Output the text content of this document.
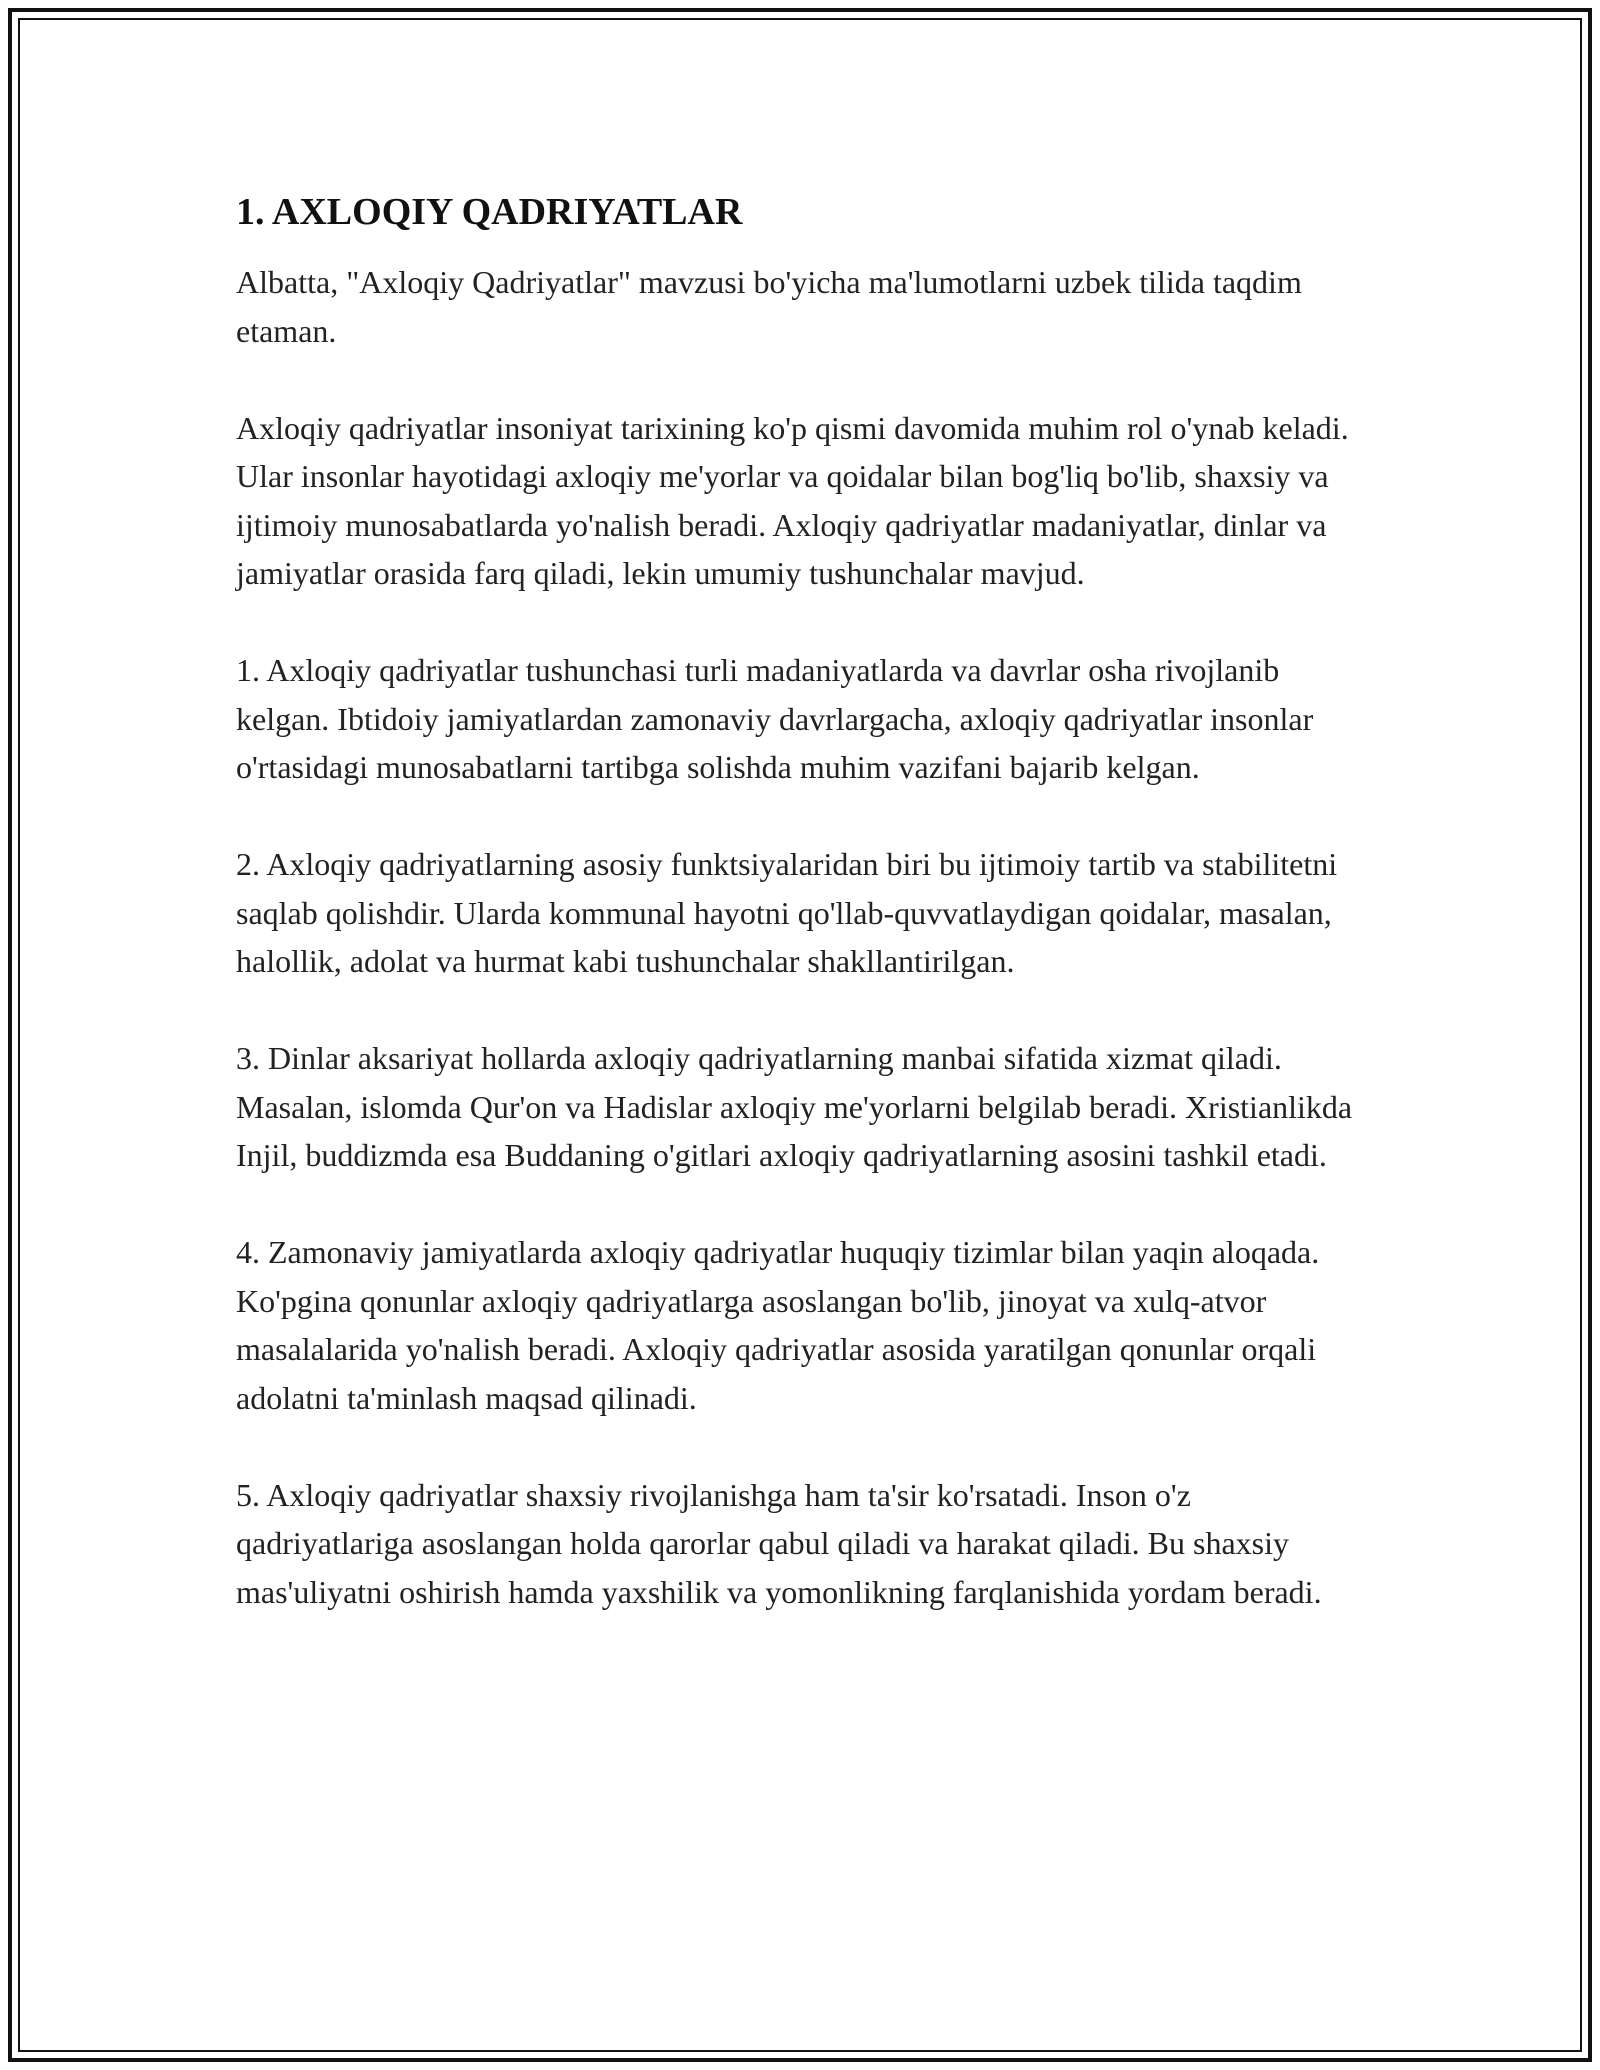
1. AXLOQIY QADRIYATLAR

Albatta, "Axloqiy Qadriyatlar" mavzusi bo'yicha ma'lumotlarni uzbek tilida taqdim etaman.

Axloqiy qadriyatlar insoniyat tarixining ko'p qismi davomida muhim rol o'ynab keladi. Ular insonlar hayotidagi axloqiy me'yorlar va qoidalar bilan bog'liq bo'lib, shaxsiy va ijtimoiy munosabatlarda yo'nalish beradi. Axloqiy qadriyatlar madaniyatlar, dinlar va jamiyatlar orasida farq qiladi, lekin umumiy tushunchalar mavjud.

1. Axloqiy qadriyatlar tushunchasi turli madaniyatlarda va davrlar osha rivojlanib kelgan. Ibtidoiy jamiyatlardan zamonaviy davrlargacha, axloqiy qadriyatlar insonlar o'rtasidagi munosabatlarni tartibga solishda muhim vazifani bajarib kelgan.

2. Axloqiy qadriyatlarning asosiy funktsiyalaridan biri bu ijtimoiy tartib va stabilitetni saqlab qolishdir. Ularda kommunal hayotni qo'llab-quvvatlaydigan qoidalar, masalan, halollik, adolat va hurmat kabi tushunchalar shakllantirilgan.

3. Dinlar aksariyat hollarda axloqiy qadriyatlarning manbai sifatida xizmat qiladi. Masalan, islomda Qur'on va Hadislar axloqiy me'yorlarni belgilab beradi. Xristianlikda Injil, buddizmda esa Buddaning o'gitlari axloqiy qadriyatlarning asosini tashkil etadi.

4. Zamonaviy jamiyatlarda axloqiy qadriyatlar huquqiy tizimlar bilan yaqin aloqada. Ko'pgina qonunlar axloqiy qadriyatlarga asoslangan bo'lib, jinoyat va xulq-atvor masalalarida yo'nalish beradi. Axloqiy qadriyatlar asosida yaratilgan qonunlar orqali adolatni ta'minlash maqsad qilinadi.

5. Axloqiy qadriyatlar shaxsiy rivojlanishga ham ta'sir ko'rsatadi. Inson o'z qadriyatlariga asoslangan holda qarorlar qabul qiladi va harakat qiladi. Bu shaxsiy mas'uliyatni oshirish hamda yaxshilik va yomonlikning farqlanishida yordam beradi.
